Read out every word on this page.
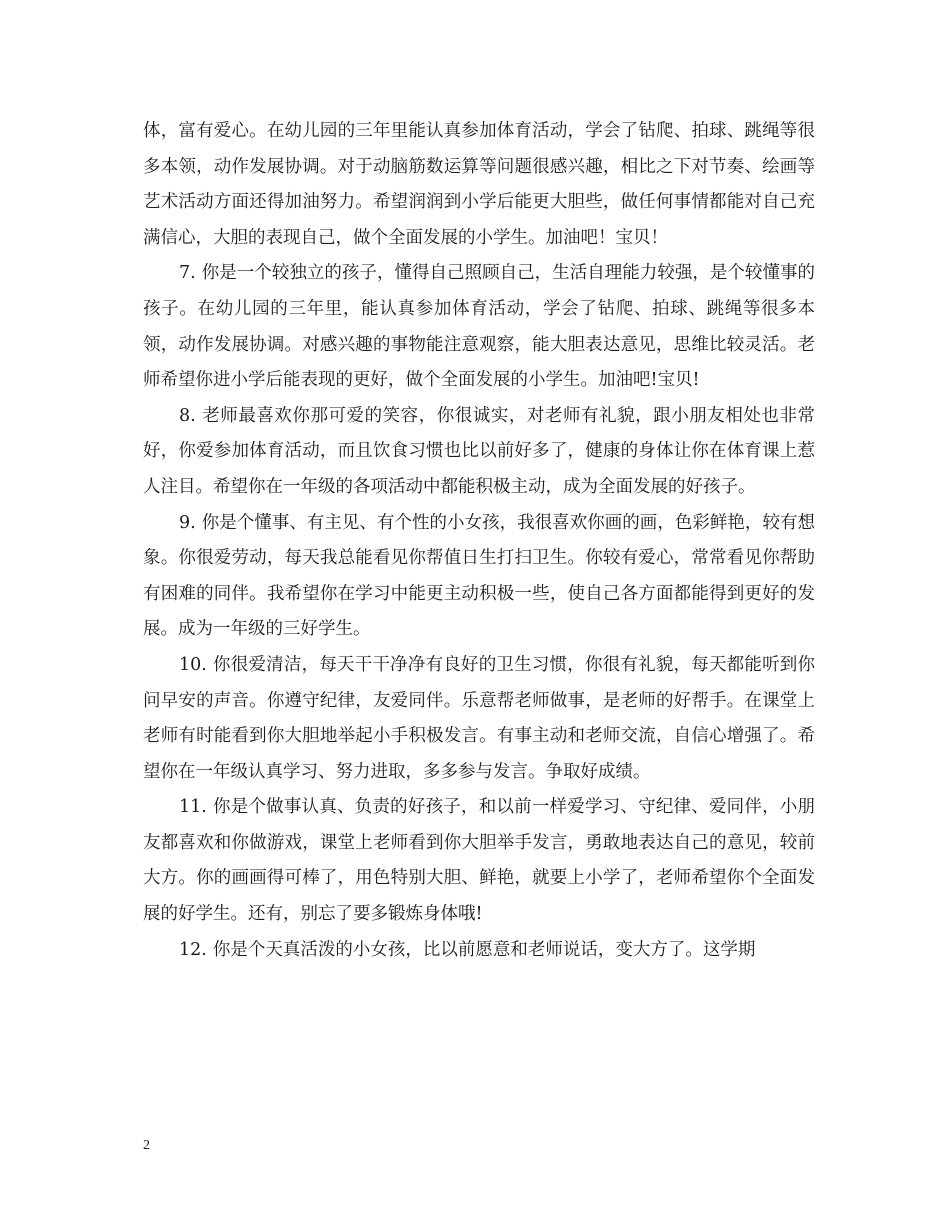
体，富有爱心。在幼儿园的三年里能认真参加体育活动，学会了钻爬、拍球、跳绳等很多本领，动作发展协调。对于动脑筋数运算等问题很感兴趣，相比之下对节奏、绘画等艺术活动方面还得加油努力。希望润润到小学后能更大胆些，做任何事情都能对自己充满信心，大胆的表现自己，做个全面发展的小学生。加油吧！宝贝！

7. 你是一个较独立的孩子，懂得自己照顾自己，生活自理能力较强，是个较懂事的孩子。在幼儿园的三年里，能认真参加体育活动，学会了钻爬、拍球、跳绳等很多本领，动作发展协调。对感兴趣的事物能注意观察，能大胆表达意见，思维比较灵活。老师希望你进小学后能表现的更好，做个全面发展的小学生。加油吧!宝贝!

8. 老师最喜欢你那可爱的笑容，你很诚实，对老师有礼貌，跟小朋友相处也非常好，你爱参加体育活动，而且饮食习惯也比以前好多了，健康的身体让你在体育课上惹人注目。希望你在一年级的各项活动中都能积极主动，成为全面发展的好孩子。

9. 你是个懂事、有主见、有个性的小女孩，我很喜欢你画的画，色彩鲜艳，较有想象。你很爱劳动，每天我总能看见你帮值日生打扫卫生。你较有爱心，常常看见你帮助有困难的同伴。我希望你在学习中能更主动积极一些，使自己各方面都能得到更好的发展。成为一年级的三好学生。

10. 你很爱清洁，每天干干净净有良好的卫生习惯，你很有礼貌，每天都能听到你问早安的声音。你遵守纪律，友爱同伴。乐意帮老师做事，是老师的好帮手。在课堂上老师有时能看到你大胆地举起小手积极发言。有事主动和老师交流，自信心增强了。希望你在一年级认真学习、努力进取，多多参与发言。争取好成绩。

11. 你是个做事认真、负责的好孩子，和以前一样爱学习、守纪律、爱同伴，小朋友都喜欢和你做游戏，课堂上老师看到你大胆举手发言，勇敢地表达自己的意见，较前大方。你的画画得可棒了，用色特别大胆、鲜艳，就要上小学了，老师希望你个全面发展的好学生。还有，别忘了要多锻炼身体哦!

12. 你是个天真活泼的小女孩，比以前愿意和老师说话，变大方了。这学期

2
